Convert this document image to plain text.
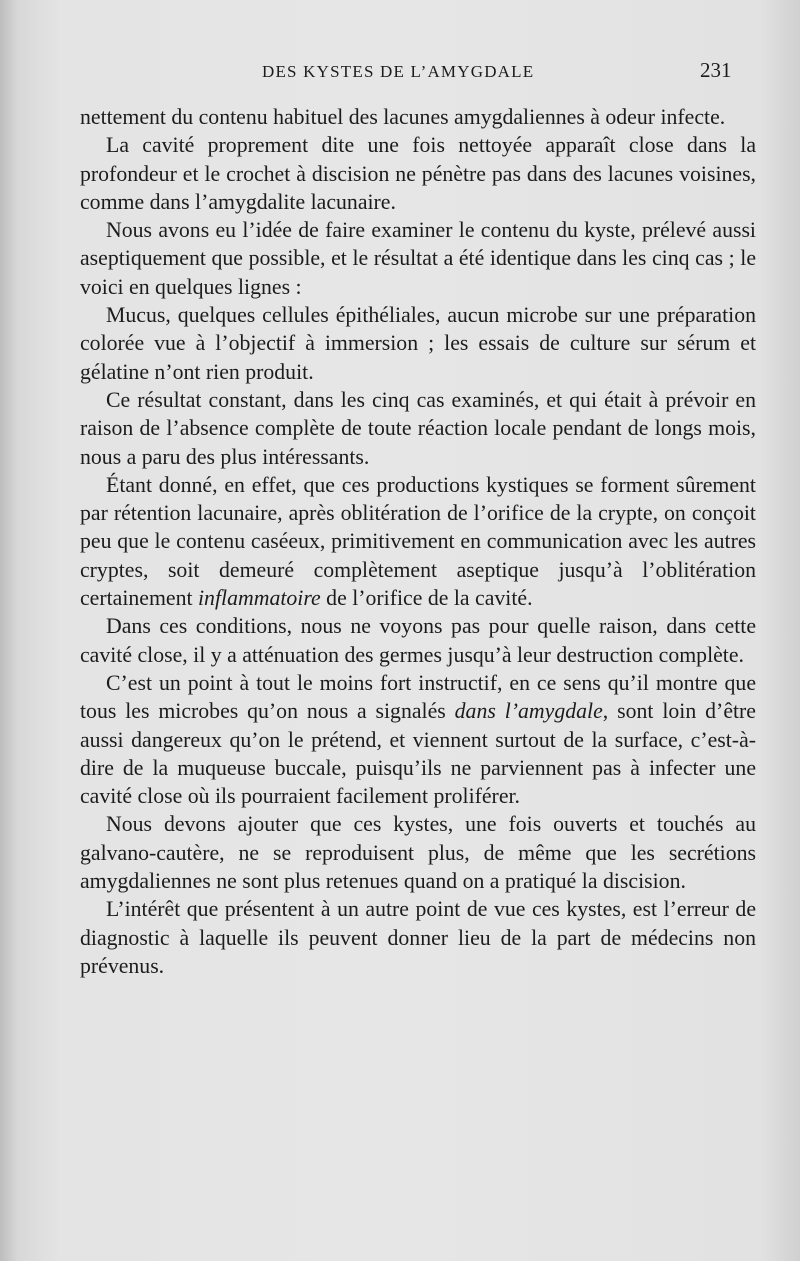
DES KYSTES DE L’AMYGDALE	231

nettement du contenu habituel des lacunes amygdaliennes à odeur infecte.

La cavité proprement dite une fois nettoyée apparaît close dans la profondeur et le crochet à discision ne pénètre pas dans des lacunes voisines, comme dans l’amygdalite lacunaire.

Nous avons eu l’idée de faire examiner le contenu du kyste, prélevé aussi aseptiquement que possible, et le résultat a été identique dans les cinq cas ; le voici en quelques lignes :

Mucus, quelques cellules épithéliales, aucun microbe sur une préparation colorée vue à l’objectif à immersion ; les essais de culture sur sérum et gélatine n’ont rien produit.

Ce résultat constant, dans les cinq cas examinés, et qui était à prévoir en raison de l’absence complète de toute réaction locale pendant de longs mois, nous a paru des plus intéressants.

Étant donné, en effet, que ces productions kystiques se forment sûrement par rétention lacunaire, après oblitération de l’orifice de la crypte, on conçoit peu que le contenu caséeux, primitivement en communication avec les autres cryptes, soit demeuré complètement aseptique jusqu’à l’oblitération certainement inflammatoire de l’orifice de la cavité.

Dans ces conditions, nous ne voyons pas pour quelle raison, dans cette cavité close, il y a atténuation des germes jusqu’à leur destruction complète.

C’est un point à tout le moins fort instructif, en ce sens qu’il montre que tous les microbes qu’on nous a signalés dans l’amygdale, sont loin d’être aussi dangereux qu’on le prétend, et viennent surtout de la surface, c’est-à-dire de la muqueuse buccale, puisqu’ils ne parviennent pas à infecter une cavité close où ils pourraient facilement proliférer.

Nous devons ajouter que ces kystes, une fois ouverts et touchés au galvano-cautère, ne se reproduisent plus, de même que les secrétions amygdaliennes ne sont plus retenues quand on a pratiqué la discision.

L’intérêt que présentent à un autre point de vue ces kystes, est l’erreur de diagnostic à laquelle ils peuvent donner lieu de la part de médecins non prévenus.
